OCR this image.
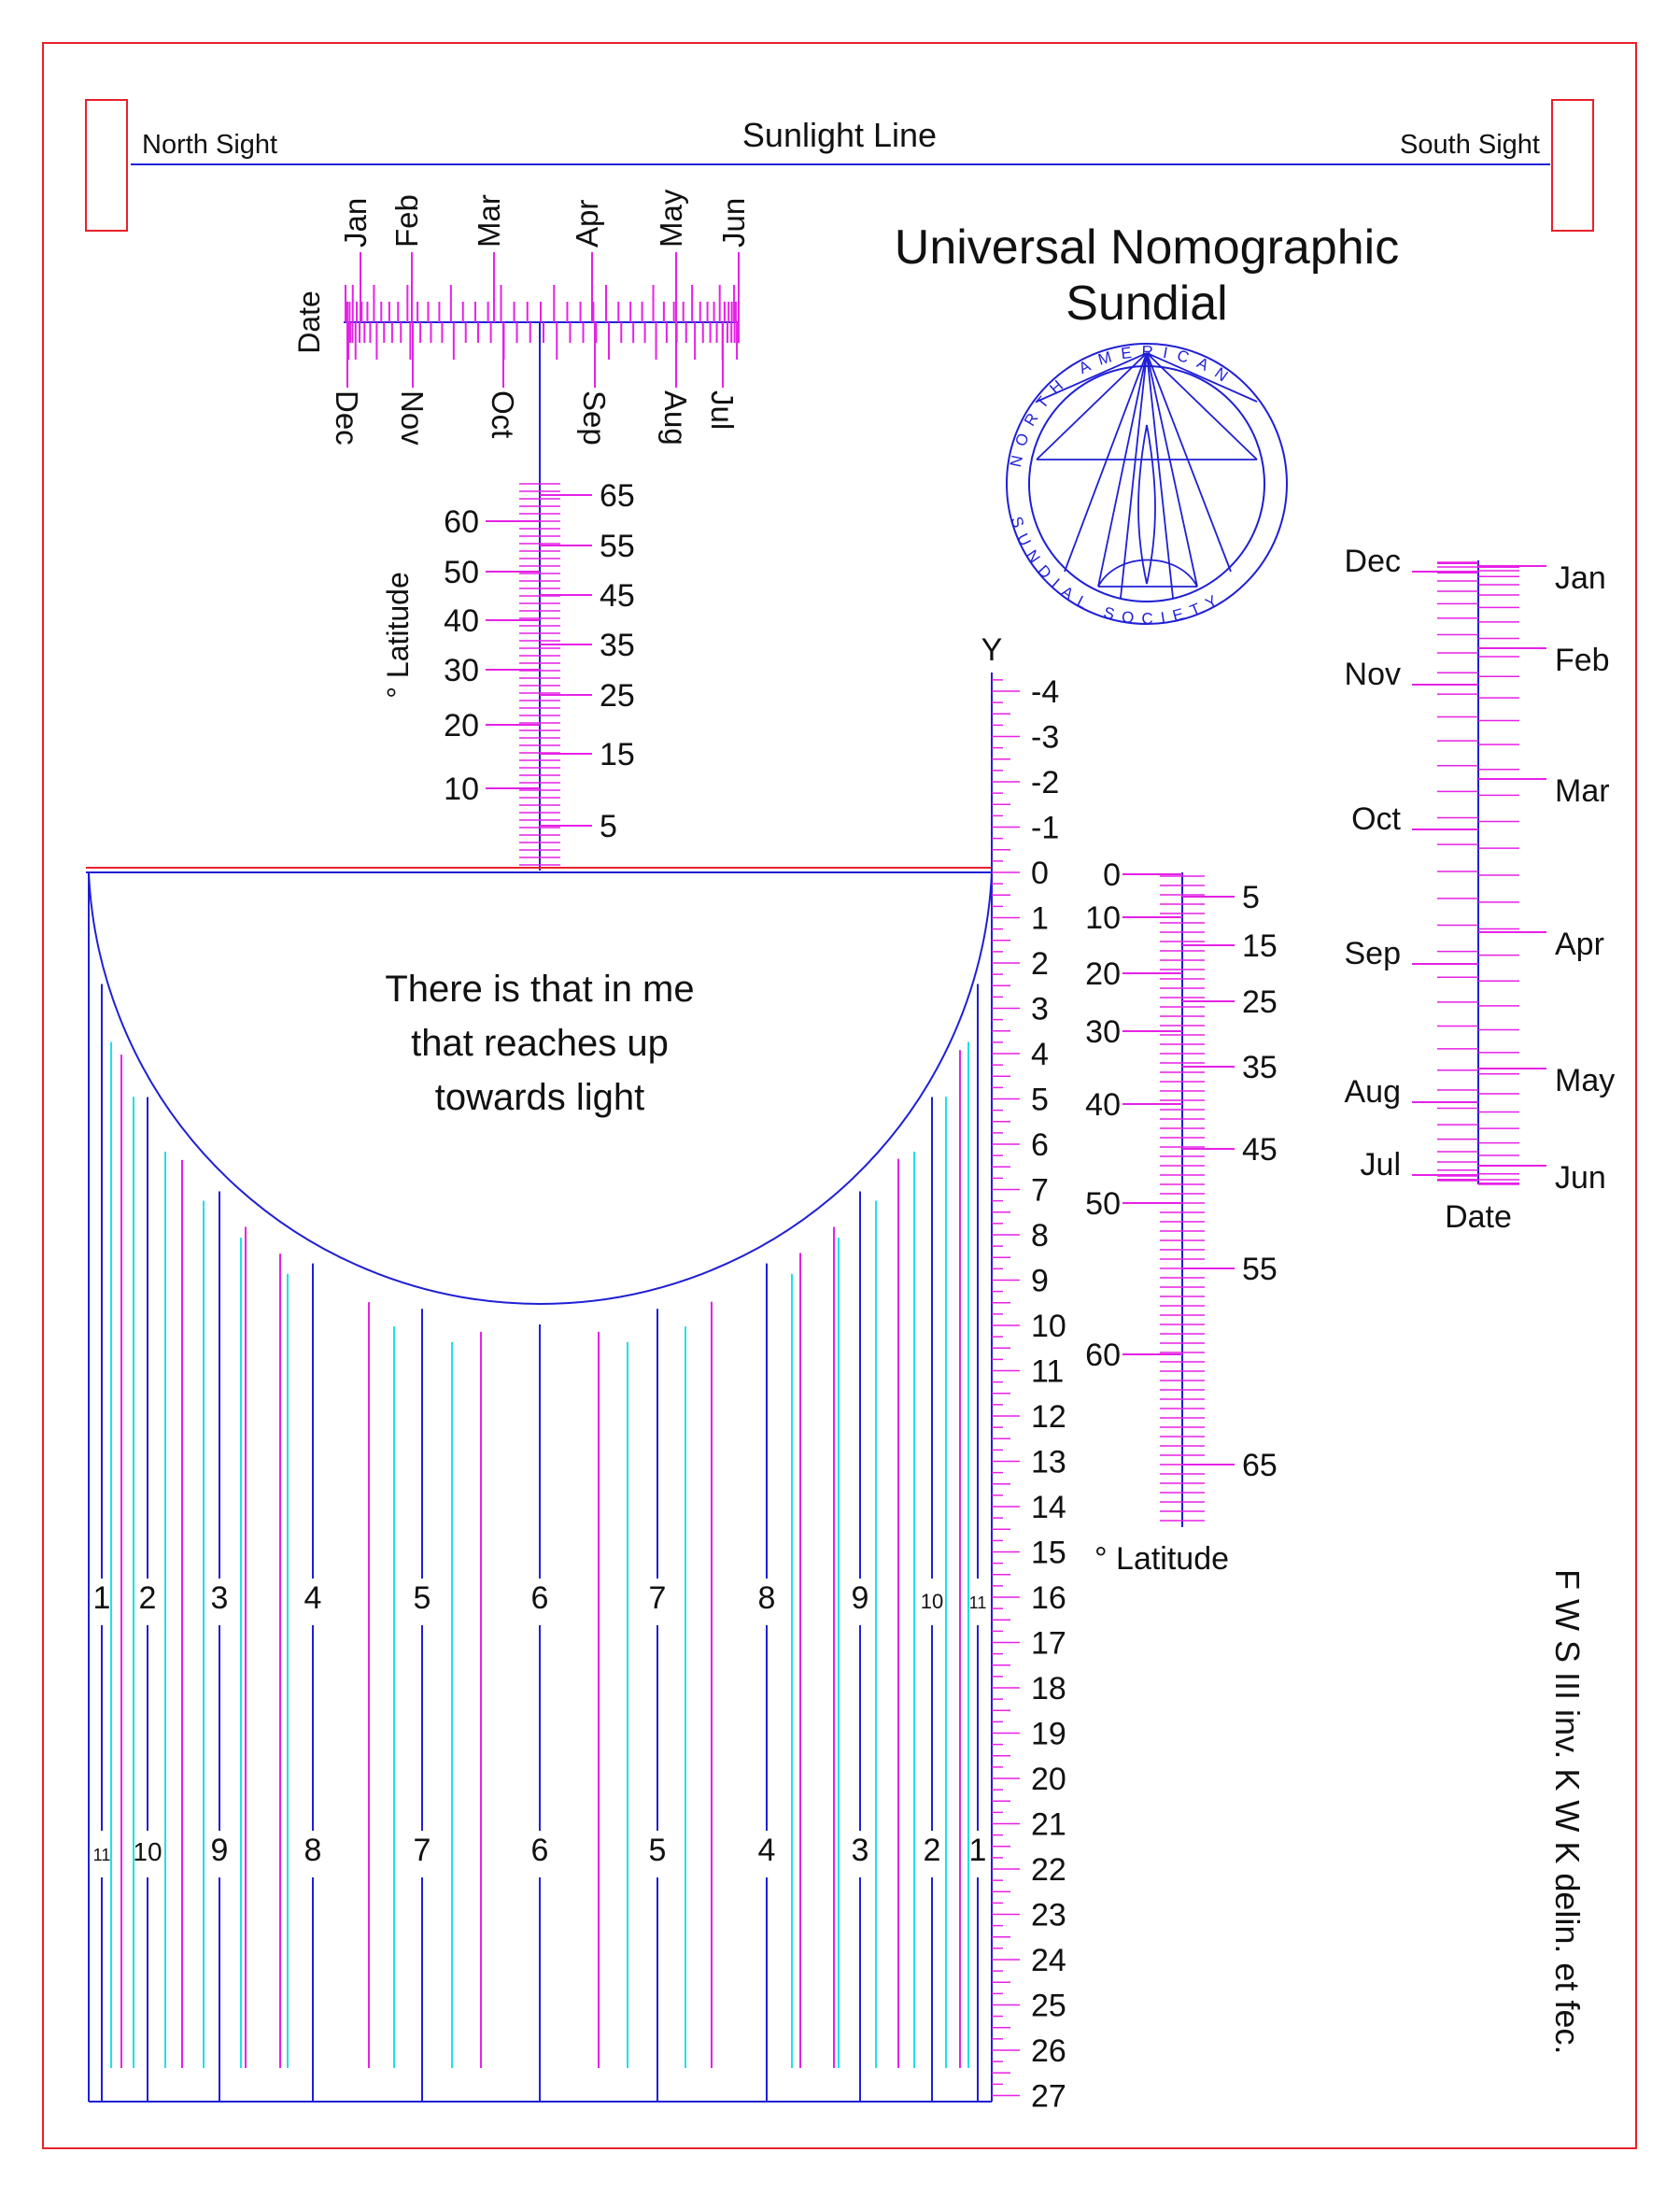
North Sight	South Sight
Sunlight Line
Universal Nomographic
Sundial
NORTH AMERICAN
SUNDIAL SOCIETY
Jan Feb Mar Apr May Jun
Dec Nov Oct Sep Aug Jul
Date
60
50
40
30
20
10
65
55
45
35
25
15
5
° Latitude
1 2 3 4	5	6	7	8 9	10 11
11 10 9 8	7	6	5	4 3 2 1
There is that in me
that reaches up
towards light
-4
-3
-2
-1
0
1
2
3
4
5
6
7
8
9
10
11
12
13
14
15
16
17
18
19
20
21
22
23
24
25
26
27
Y
0
10
20
30
40
50
60
5
15
25
35
45
55
65
° Latitude
Dec
Nov
Oct
Sep
Aug
Jul
Jan
Feb
Mar
Apr
May
Jun
Date
F W S III inv. K W K delin. et fec.
